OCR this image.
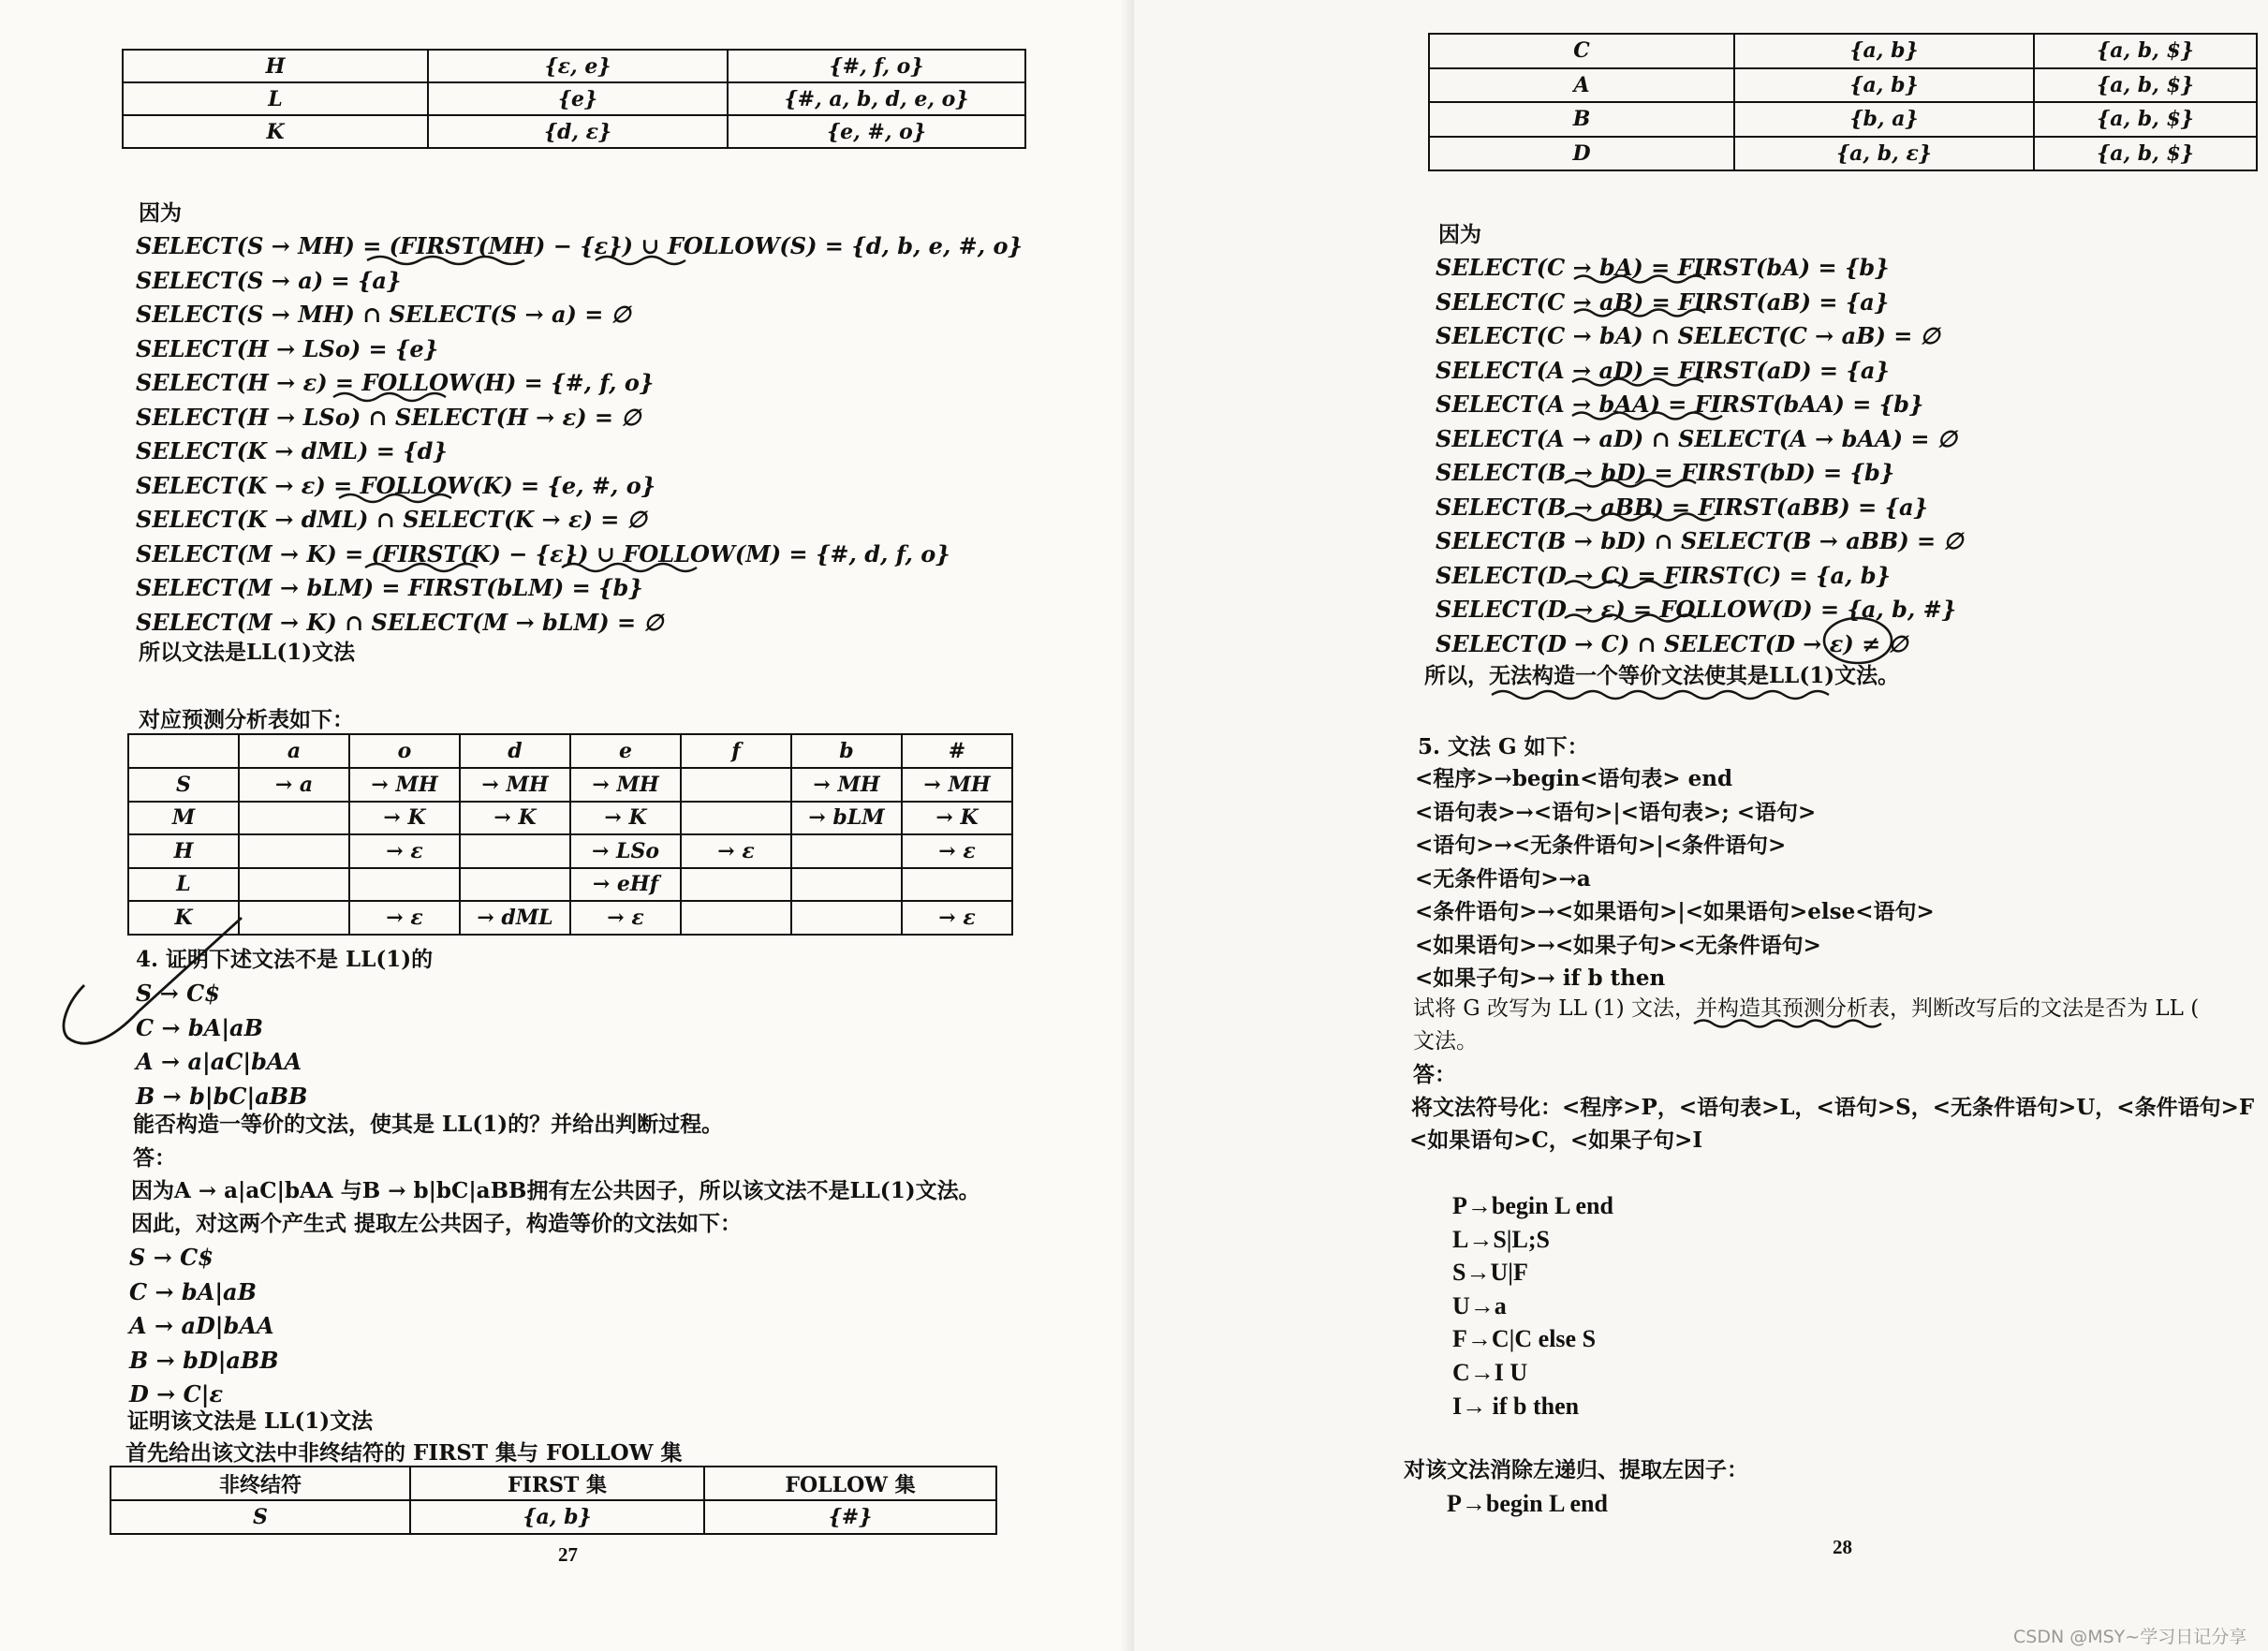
H	{ε, e}	{#, f, o}
L	{e}	{#, a, b, d, e, o}
K	{d, ε}	{e, #, o}
因为
SELECT(S → MH) = (FIRST(MH) − {ε}) ∪ FOLLOW(S) = {d, b, e, #, o}
SELECT(S → a) = {a}
SELECT(S → MH) ∩ SELECT(S → a) = ∅
SELECT(H → LSo) = {e}
SELECT(H → ε) = FOLLOW(H) = {#, f, o}
SELECT(H → LSo) ∩ SELECT(H → ε) = ∅
SELECT(K → dML) = {d}
SELECT(K → ε) = FOLLOW(K) = {e, #, o}
SELECT(K → dML) ∩ SELECT(K → ε) = ∅
SELECT(M → K) = (FIRST(K) − {ε}) ∪ FOLLOW(M) = {#, d, f, o}
SELECT(M → bLM) = FIRST(bLM) = {b}
SELECT(M → K) ∩ SELECT(M → bLM) = ∅
所以文法是LL(1)文法
对应预测分析表如下：
	a	o	d	e	f	b	#
S	→ a	→ MH	→ MH	→ MH		→ MH	→ MH
M		→ K	→ K	→ K		→ bLM	→ K
H		→ ε		→ LSo	→ ε		→ ε
L				→ eHf			
K		→ ε	→ dML	→ ε			→ ε
4. 证明下述文法不是 LL(1)的
S → C$
C → bA|aB
A → a|aC|bAA
B → b|bC|aBB
能否构造一等价的文法，使其是 LL(1)的？并给出判断过程。
答：
因为A → a|aC|bAA 与B → b|bC|aBB拥有左公共因子，所以该文法不是LL(1)文法。
因此，对这两个产生式 提取左公共因子，构造等价的文法如下：
S → C$
C → bA|aB
A → aD|bAA
B → bD|aBB
D → C|ε
证明该文法是 LL(1)文法
首先给出该文法中非终结符的 FIRST 集与 FOLLOW 集
非终结符	FIRST 集	FOLLOW 集
S	{a, b}	{#}
27
C	{a, b}	{a, b, $}
A	{a, b}	{a, b, $}
B	{b, a}	{a, b, $}
D	{a, b, ε}	{a, b, $}
因为
SELECT(C → bA) = FIRST(bA) = {b}
SELECT(C → aB) = FIRST(aB) = {a}
SELECT(C → bA) ∩ SELECT(C → aB) = ∅
SELECT(A → aD) = FIRST(aD) = {a}
SELECT(A → bAA) = FIRST(bAA) = {b}
SELECT(A → aD) ∩ SELECT(A → bAA) = ∅
SELECT(B → bD) = FIRST(bD) = {b}
SELECT(B → aBB) = FIRST(aBB) = {a}
SELECT(B → bD) ∩ SELECT(B → aBB) = ∅
SELECT(D → C) = FIRST(C) = {a, b}
SELECT(D → ε) = FOLLOW(D) = {a, b, #}
SELECT(D → C) ∩ SELECT(D → ε) ≠ ∅
所以，无法构造一个等价文法使其是LL(1)文法。
5. 文法 G 如下：
<程序>→begin<语句表> end
<语句表>→<语句>|<语句表>; <语句>
<语句>→<无条件语句>|<条件语句>
<无条件语句>→a
<条件语句>→<如果语句>|<如果语句>else<语句>
<如果语句>→<如果子句><无条件语句>
<如果子句>→ if b then
试将 G 改写为 LL (1) 文法，并构造其预测分析表，判断改写后的文法是否为 LL (
文法。
答：
将文法符号化：<程序>P，<语句表>L，<语句>S，<无条件语句>U，<条件语句>F
<如果语句>C，<如果子句>I
P→begin L end
L→S|L;S
S→U|F
U→a
F→C|C else S
C→I U
I→ if b then
对该文法消除左递归、提取左因子：
P→begin L end
28
CSDN @MSY~学习日记分享
